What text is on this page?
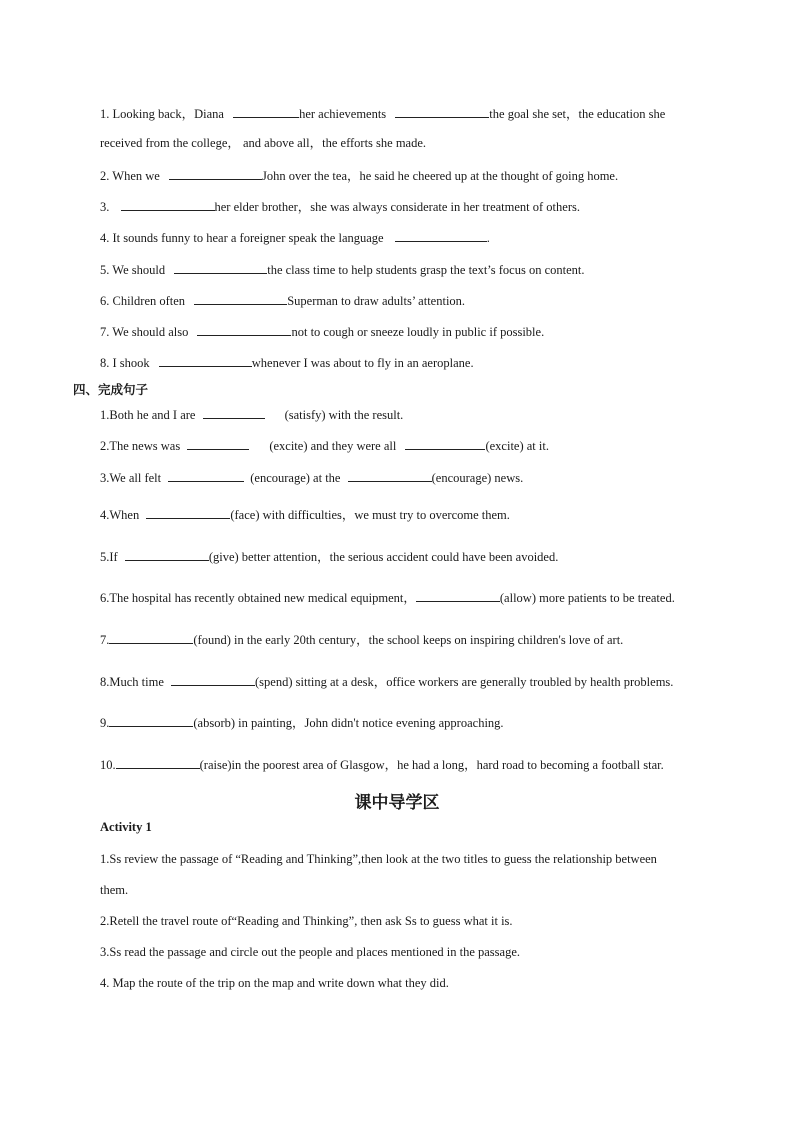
1. Looking back，Diana	her achievements	the goal she set，the education she
received from the college， and above all，the efforts she made.
2. When we	John over the tea，he said he cheered up at the thought of going home.
3.	her elder brother，she was always considerate in her treatment of others.
4. It sounds funny to hear a foreigner speak the language	.
5. We should	the class time to help students grasp the text’s focus on content.
6. Children often	Superman to draw adults’ attention.
7. We should also	not to cough or sneeze loudly in public if possible.
8. I shook	whenever I was about to fly in an aeroplane.
四、完成句子
1.Both he and I are	(satisfy) with the result.
2.The news was	(excite) and they were all	(excite) at it.
3.We all felt	(encourage) at the	(encourage) news.
4.When	(face) with difficulties，we must try to overcome them.
5.If	(give) better attention，the serious accident could have been avoided.
6.The hospital has recently obtained new medical equipment，	(allow) more patients to be treated.
7.	(found) in the early 20th century，the school keeps on inspiring children's love of art.
8.Much time	(spend) sitting at a desk，office workers are generally troubled by health problems.
9.	(absorb) in painting，John didn't notice evening approaching.
10.	(raise)in the poorest area of Glasgow，he had a long，hard road to becoming a football star.
课中导学区
Activity 1
1.Ss review the passage of “Reading and Thinking”,then look at the two titles to guess the relationship between
them.
2.Retell the travel route of“Reading and Thinking”, then ask Ss to guess what it is.
3.Ss read the passage and circle out the people and places mentioned in the passage.
4. Map the route of the trip on the map and write down what they did.
